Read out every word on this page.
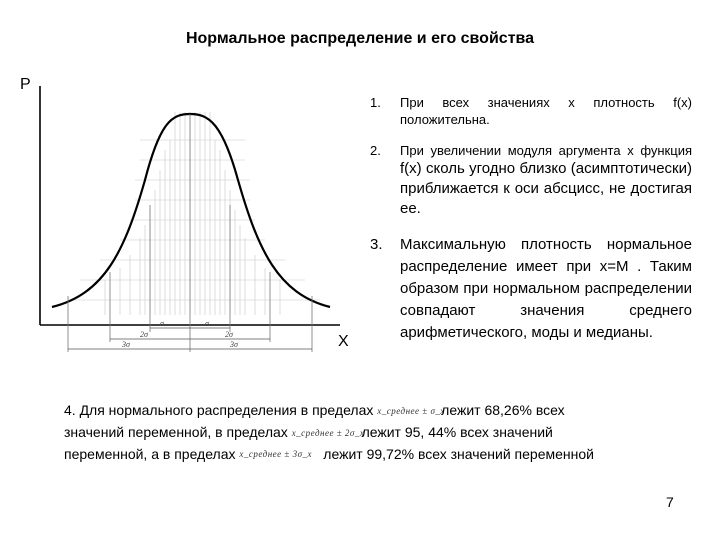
Нормальное распределение и его свойства
σ	σ
2σ	2σ
3σ	3σ
P
X
1. При всех значениях x плотность f(x) положительна.
2. При увеличении модуля аргумента x функция f(x) сколь угодно близко (асимптотически) приближается к оси абсцисс, не достигая ее.
3. Максимальную плотность нормальное распределение имеет при x=M . Таким образом при нормальном распределении совпадают значения среднего арифметического, моды и медианы.
4. Для нормального распределения в пределах x_среднее ± σ_x лежит 68,26% всех
значений переменной, в пределах x_среднее ± 2σ_x лежит 95, 44% всех значений
переменной, а в пределах x_среднее ± 3σ_x лежит 99,72% всех значений переменной
7
